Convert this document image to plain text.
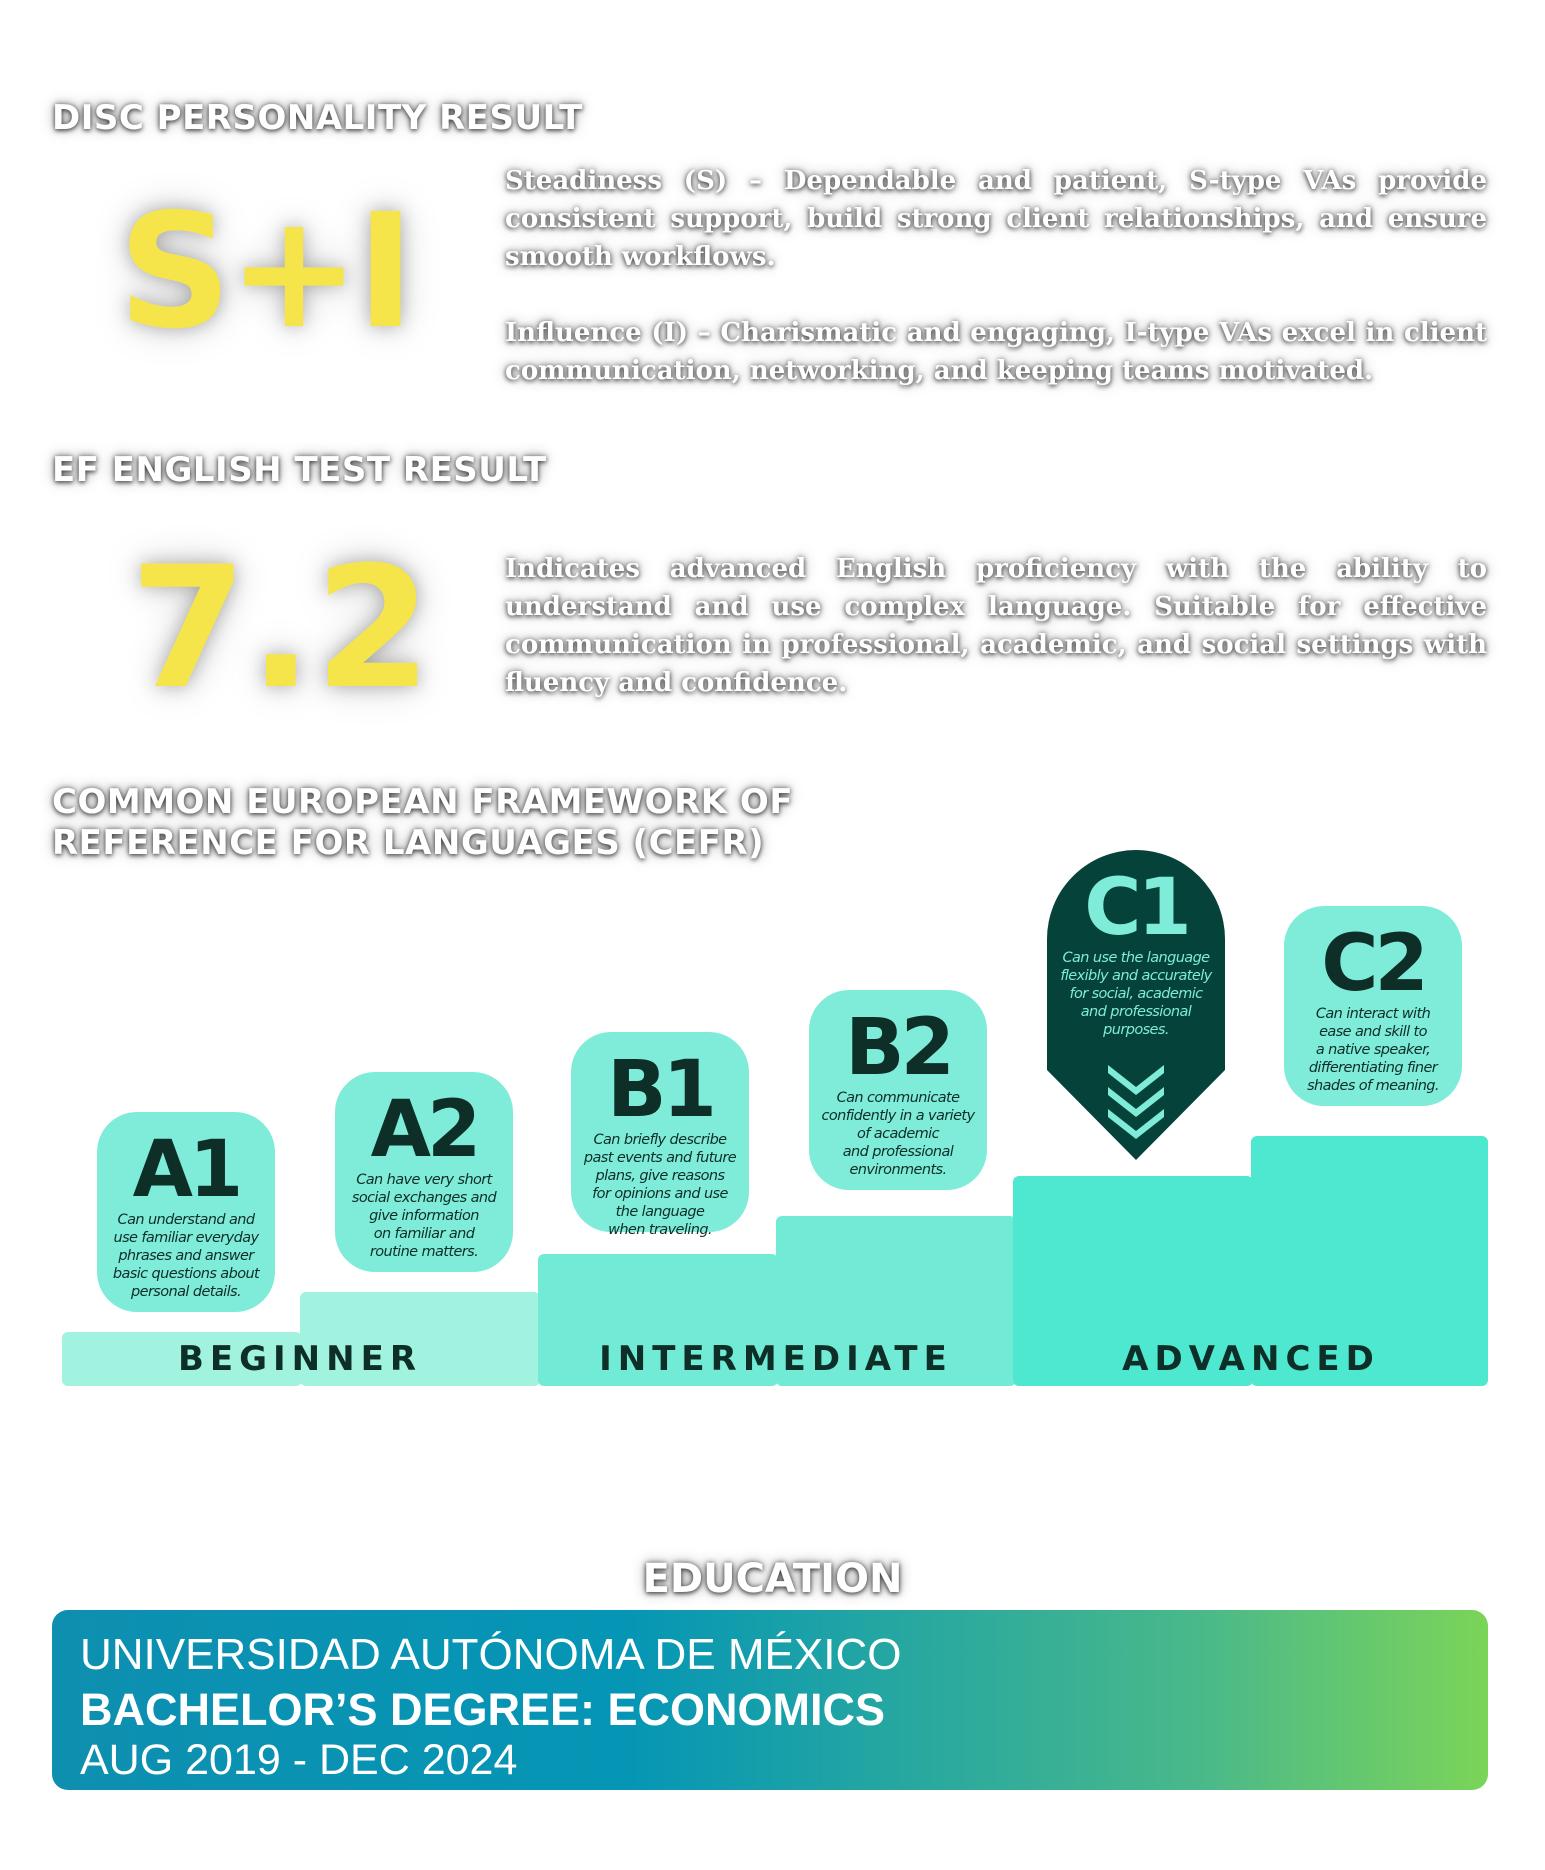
DISC PERSONALITY RESULT
S+I	Steadiness (S) – Dependable and patient, S-type VAs provide consistent support, build strong client relationships, and ensure smooth workflows.

Influence (I) – Charismatic and engaging, I-type VAs excel in client communication, networking, and keeping teams motivated.

EF ENGLISH TEST RESULT
7.2	Indicates advanced English proficiency with the ability to understand and use complex language. Suitable for effective communication in professional, academic, and social settings with fluency and confidence.
COMMON EUROPEAN FRAMEWORK OF
REFERENCE FOR LANGUAGES (CEFR)
BEGINNER	INTERMEDIATE	ADVANCED
A1
Can understand and
use familiar everyday
phrases and answer
basic questions about
personal details.
A2
Can have very short
social exchanges and
give information
on familiar and
routine matters.
B1
Can briefly describe
past events and future
plans, give reasons
for opinions and use
the language
when traveling.
B2
Can communicate
confidently in a variety
of academic
and professional
environments.
C1
Can use the language
flexibly and accurately
for social, academic
and professional
purposes.
C2
Can interact with
ease and skill to
a native speaker,
differentiating finer
shades of meaning.
EDUCATION
UNIVERSIDAD AUTÓNOMA DE MÉXICO
BACHELOR’S DEGREE: ECONOMICS
AUG 2019 - DEC 2024
